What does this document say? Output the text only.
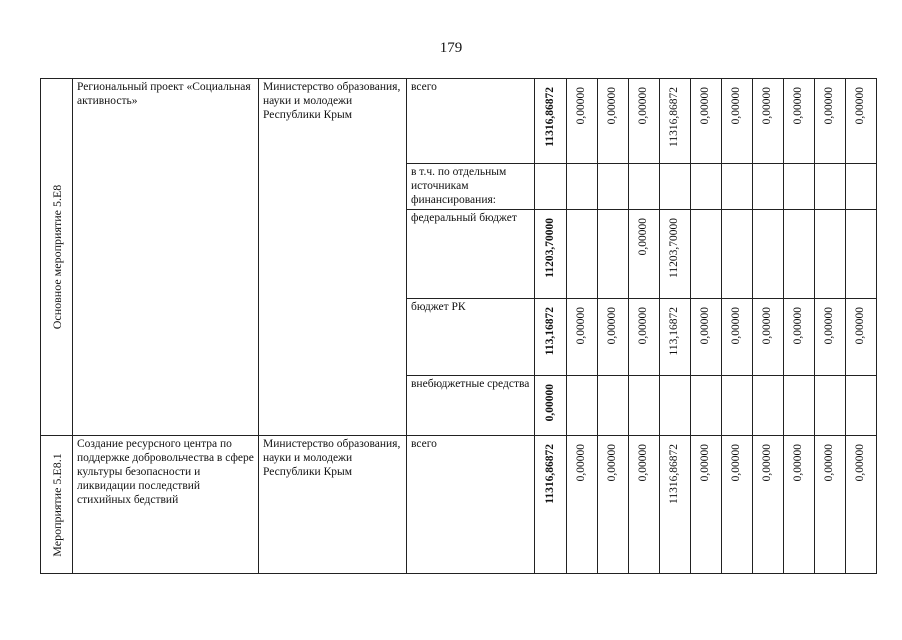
179
Основное мероприятие 5.Е8	Региональный проект «Социальная активность»	Министерство образования, науки и молодежи Республики Крым	всего	11316,86872	0,00000	0,00000	0,00000	11316,86872	0,00000	0,00000	0,00000	0,00000	0,00000	0,00000

			в т.ч. по отдельным источникам финансирования:	

			федеральный бюджет	11203,70000			0,00000	11203,70000						

			бюджет РК	113,16872	0,00000	0,00000	0,00000	113,16872	0,00000	0,00000	0,00000	0,00000	0,00000	0,00000

			внебюджетные средства	0,00000										

Мероприятие 5.Е8.1	Создание ресурсного центра по поддержке добровольчества в сфере культуры безопасности и ликвидации последствий стихийных бедствий	Министерство образования, науки и молодежи Республики Крым	всего	11316,86872	0,00000	0,00000	0,00000	11316,86872	0,00000	0,00000	0,00000	0,00000	0,00000	0,00000
